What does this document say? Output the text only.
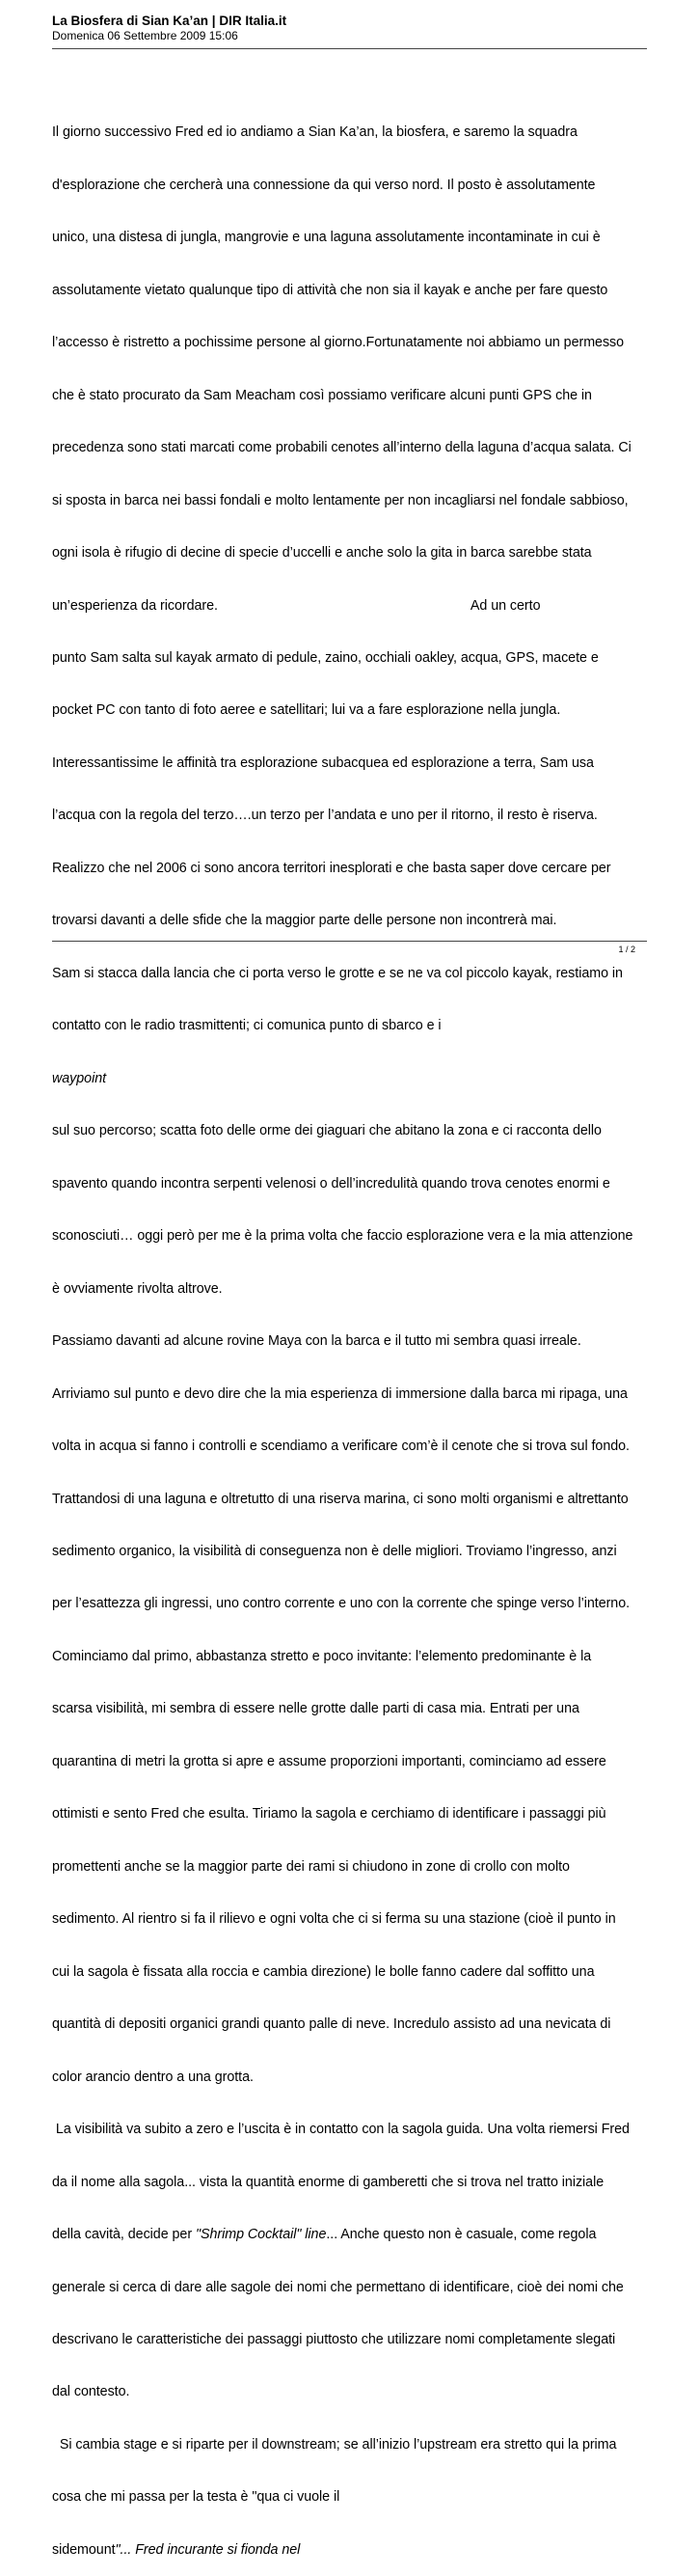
La Biosfera di Sian Ka’an | DIR Italia.it
Domenica 06 Settembre 2009 15:06

Il giorno successivo Fred ed io andiamo a Sian Ka’an, la biosfera, e saremo la squadra

d'esplorazione che cercherà una connessione da qui verso nord. Il posto è assolutamente

unico, una distesa di jungla, mangrovie e una laguna assolutamente incontaminate in cui è

assolutamente vietato qualunque tipo di attività che non sia il kayak e anche per fare questo

l’accesso è ristretto a pochissime persone al giorno.Fortunatamente noi abbiamo un permesso

che è stato procurato da Sam Meacham così possiamo verificare alcuni punti GPS che in

precedenza sono stati marcati come probabili cenotes all’interno della laguna d’acqua salata. Ci

si sposta in barca nei bassi fondali e molto lentamente per non incagliarsi nel fondale sabbioso,

ogni isola è rifugio di decine di specie d’uccelli e anche solo la gita in barca sarebbe stata

un’esperienza da ricordare.                                                                   Ad un certo

punto Sam salta sul kayak armato di pedule, zaino, occhiali oakley, acqua, GPS, macete e

pocket PC con tanto di foto aeree e satellitari; lui va a fare esplorazione nella jungla.

Interessantissime le affinità tra esplorazione subacquea ed esplorazione a terra, Sam usa

l’acqua con la regola del terzo….un terzo per l’andata e uno per il ritorno, il resto è riserva.

Realizzo che nel 2006 ci sono ancora territori inesplorati e che basta saper dove cercare per

trovarsi davanti a delle sfide che la maggior parte delle persone non incontrerà mai.

Sam si stacca dalla lancia che ci porta verso le grotte e se ne va col piccolo kayak, restiamo in

contatto con le radio trasmittenti; ci comunica punto di sbarco e i

waypoint

sul suo percorso; scatta foto delle orme dei giaguari che abitano la zona e ci racconta dello

spavento quando incontra serpenti velenosi o dell’incredulità quando trova cenotes enormi e

sconosciuti… oggi però per me è la prima volta che faccio esplorazione vera e la mia attenzione

è ovviamente rivolta altrove.

Passiamo davanti ad alcune rovine Maya con la barca e il tutto mi sembra quasi irreale.

Arriviamo sul punto e devo dire che la mia esperienza di immersione dalla barca mi ripaga, una

volta in acqua si fanno i controlli e scendiamo a verificare com’è il cenote che si trova sul fondo.

Trattandosi di una laguna e oltretutto di una riserva marina, ci sono molti organismi e altrettanto

sedimento organico, la visibilità di conseguenza non è delle migliori. Troviamo l’ingresso, anzi

per l’esattezza gli ingressi, uno contro corrente e uno con la corrente che spinge verso l’interno.

Cominciamo dal primo, abbastanza stretto e poco invitante: l’elemento predominante è la

scarsa visibilità, mi sembra di essere nelle grotte dalle parti di casa mia. Entrati per una

quarantina di metri la grotta si apre e assume proporzioni importanti, cominciamo ad essere

ottimisti e sento Fred che esulta. Tiriamo la sagola e cerchiamo di identificare i passaggi più

promettenti anche se la maggior parte dei rami si chiudono in zone di crollo con molto

sedimento. Al rientro si fa il rilievo e ogni volta che ci si ferma su una stazione (cioè il punto in

cui la sagola è fissata alla roccia e cambia direzione) le bolle fanno cadere dal soffitto una

quantità di depositi organici grandi quanto palle di neve. Incredulo assisto ad una nevicata di

color arancio dentro a una grotta.

La visibilità va subito a zero e l’uscita è in contatto con la sagola guida. Una volta riemersi Fred

da il nome alla sagola... vista la quantità enorme di gamberetti che si trova nel tratto iniziale

della cavità, decide per "Shrimp Cocktail" line... Anche questo non è casuale, come regola

generale si cerca di dare alle sagole dei nomi che permettano di identificare, cioè dei nomi che

descrivano le caratteristiche dei passaggi piuttosto che utilizzare nomi completamente slegati

dal contesto.

Si cambia stage e si riparte per il downstream; se all’inizio l’upstream era stretto qui la prima

cosa che mi passa per la testa è "qua ci vuole il

sidemount"... Fred incurante si fionda nel

1 / 2
